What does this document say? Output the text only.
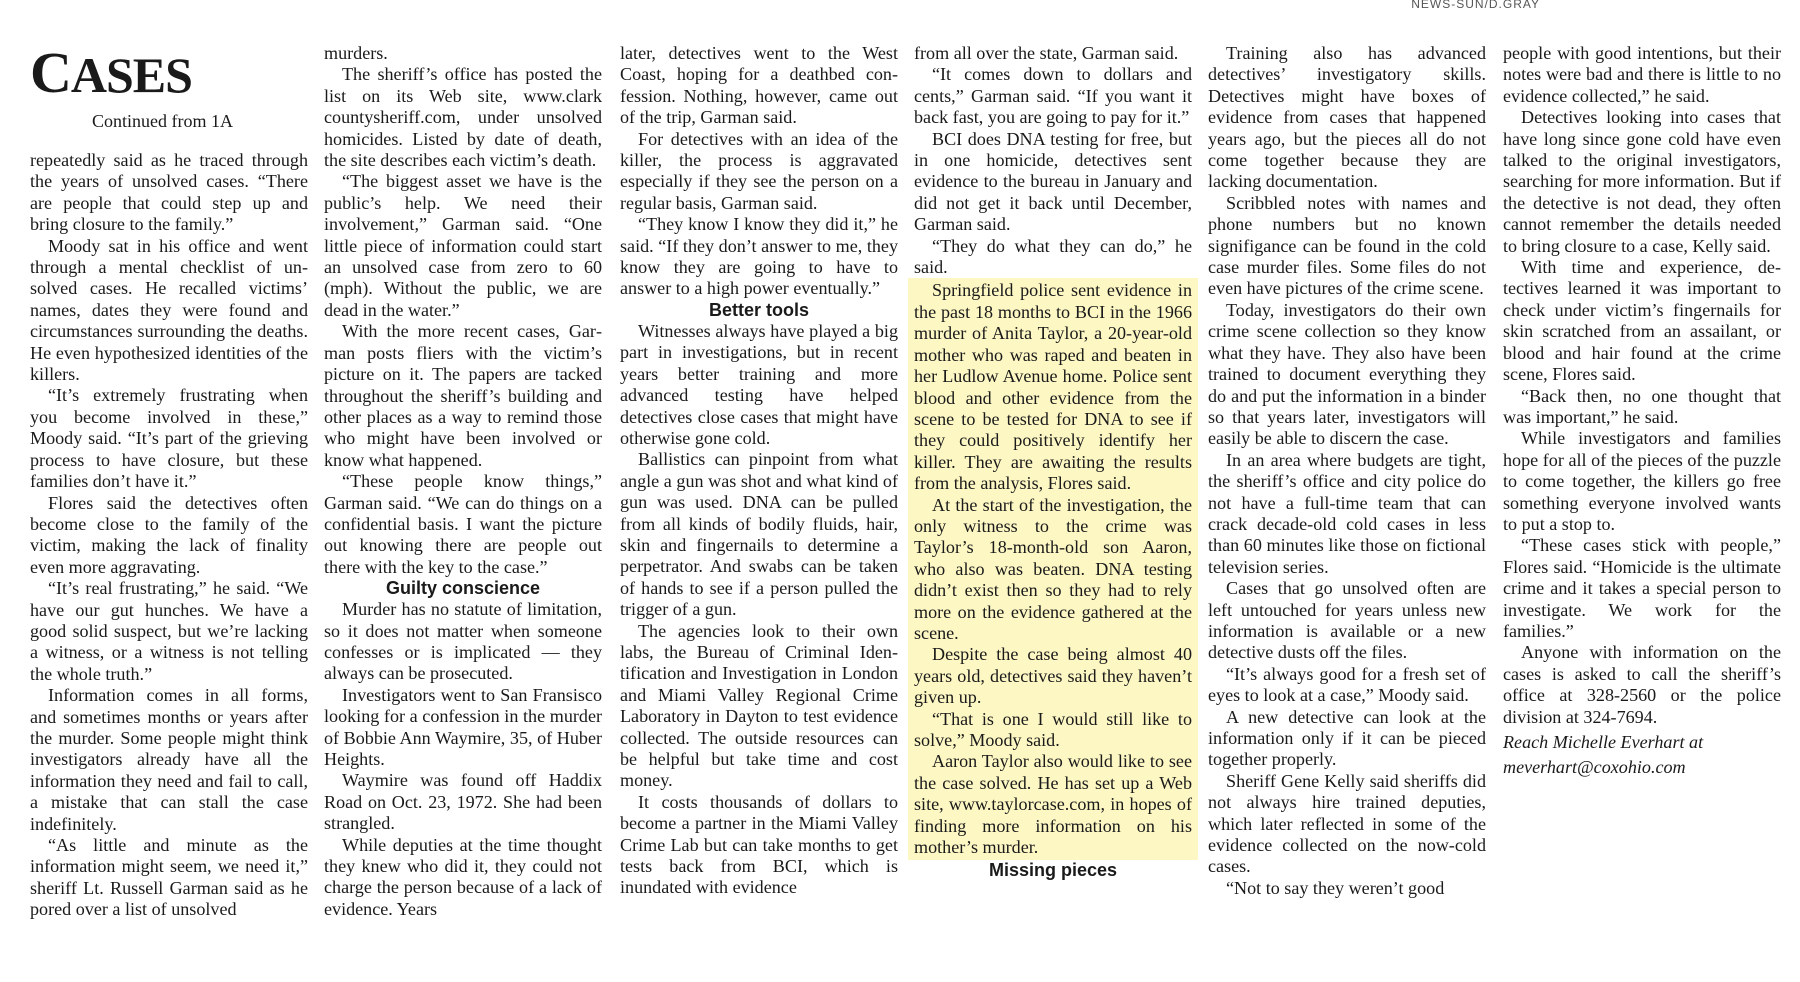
NEWS-SUN/D.GRAY
CASES
Continued from 1A

repeatedly said as he traced through the years of unsolved cases. “There are people that could step up and bring closure to the family.”

Moody sat in his office and went through a mental checklist of unsolved cases. He recalled victims’ names, dates they were found and circumstances surrounding the deaths. He even hypothesized identities of the killers.

“It’s extremely frustrating when you become involved in these,” Moody said. “It’s part of the grieving process to have closure, but these families don’t have it.”

Flores said the detectives often become close to the family of the victim, making the lack of finality even more aggravating.

“It’s real frustrating,” he said. “We have our gut hunches. We have a good solid suspect, but we’re lacking a witness, or a witness is not telling the whole truth.”

Information comes in all forms, and sometimes months or years after the murder. Some people might think investigators already have all the information they need and fail to call, a mistake that can stall the case indefinitely.

“As little and minute as the information might seem, we need it,” sheriff Lt. Russell Garman said as he pored over a list of unsolved

murders.

The sheriff’s office has posted the list on its Web site, www.clark countysheriff.com, under unsolved homicides. Listed by date of death, the site describes each victim’s death.

“The biggest asset we have is the public’s help. We need their involvement,” Garman said. “One little piece of information could start an unsolved case from zero to 60 (mph). Without the public, we are dead in the water.”

With the more recent cases, Garman posts fliers with the victim’s picture on it. The papers are tacked throughout the sheriff’s building and other places as a way to remind those who might have been involved or know what happened.

“These people know things,” Garman said. “We can do things on a confidential basis. I want the picture out knowing there are people out there with the key to the case.”

Guilty conscience

Murder has no statute of limitation, so it does not matter when someone confesses or is implicated — they always can be prosecuted.

Investigators went to San Fransisco looking for a confession in the murder of Bobbie Ann Waymire, 35, of Huber Heights.

Waymire was found off Haddix Road on Oct. 23, 1972. She had been strangled.

While deputies at the time thought they knew who did it, they could not charge the person because of a lack of evidence. Years

later, detectives went to the West Coast, hoping for a deathbed confession. Nothing, however, came out of the trip, Garman said.

For detectives with an idea of the killer, the process is aggravated especially if they see the person on a regular basis, Garman said.

“They know I know they did it,” he said. “If they don’t answer to me, they know they are going to have to answer to a high power eventually.”

Better tools

Witnesses always have played a big part in investigations, but in recent years better training and more advanced testing have helped detectives close cases that might have otherwise gone cold.

Ballistics can pinpoint from what angle a gun was shot and what kind of gun was used. DNA can be pulled from all kinds of bodily fluids, hair, skin and fingernails to determine a perpetrator. And swabs can be taken of hands to see if a person pulled the trigger of a gun.

The agencies look to their own labs, the Bureau of Criminal Identification and Investigation in London and Miami Valley Regional Crime Laboratory in Dayton to test evidence collected. The outside resources can be helpful but take time and cost money.

It costs thousands of dollars to become a partner in the Miami Valley Crime Lab but can take months to get tests back from BCI, which is inundated with evidence

from all over the state, Garman said.

“It comes down to dollars and cents,” Garman said. “If you want it back fast, you are going to pay for it.”

BCI does DNA testing for free, but in one homicide, detectives sent evidence to the bureau in January and did not get it back until December, Garman said.

“They do what they can do,” he said.

Springfield police sent evidence in the past 18 months to BCI in the 1966 murder of Anita Taylor, a 20-year-old mother who was raped and beaten in her Ludlow Avenue home. Police sent blood and other evidence from the scene to be tested for DNA to see if they could positively identify her killer. They are awaiting the results from the analysis, Flores said.

At the start of the investigation, the only witness to the crime was Taylor’s 18-month-old son Aaron, who also was beaten. DNA testing didn’t exist then so they had to rely more on the evidence gathered at the scene.

Despite the case being almost 40 years old, detectives said they haven’t given up.

“That is one I would still like to solve,” Moody said.

Aaron Taylor also would like to see the case solved. He has set up a Web site, www.taylorcase.com, in hopes of finding more information on his mother’s murder.

Missing pieces

Training also has advanced detectives’ investigatory skills. Detectives might have boxes of evidence from cases that happened years ago, but the pieces all do not come together because they are lacking documentation.

Scribbled notes with names and phone numbers but no known signifigance can be found in the cold case murder files. Some files do not even have pictures of the crime scene.

Today, investigators do their own crime scene collection so they know what they have. They also have been trained to document everything they do and put the information in a binder so that years later, investigators will easily be able to discern the case.

In an area where budgets are tight, the sheriff’s office and city police do not have a full-time team that can crack decade-old cold cases in less than 60 minutes like those on fictional television series.

Cases that go unsolved often are left untouched for years unless new information is available or a new detective dusts off the files.

“It’s always good for a fresh set of eyes to look at a case,” Moody said.

A new detective can look at the information only if it can be pieced together properly.

Sheriff Gene Kelly said sheriffs did not always hire trained deputies, which later reflected in some of the evidence collected on the now-cold cases.

“Not to say they weren’t good

people with good intentions, but their notes were bad and there is little to no evidence collected,” he said.

Detectives looking into cases that have long since gone cold have even talked to the original investigators, searching for more information. But if the detective is not dead, they often cannot remember the details needed to bring closure to a case, Kelly said.

With time and experience, detectives learned it was important to check under victim’s fingernails for skin scratched from an assailant, or blood and hair found at the crime scene, Flores said.

“Back then, no one thought that was important,” he said.

While investigators and families hope for all of the pieces of the puzzle to come together, the killers go free something everyone involved wants to put a stop to.

“These cases stick with people,” Flores said. “Homicide is the ultimate crime and it takes a special person to investigate. We work for the families.”

Anyone with information on the cases is asked to call the sheriff’s office at 328-2560 or the police division at 324-7694.

Reach Michelle Everhart at

meverhart@coxohio.com
